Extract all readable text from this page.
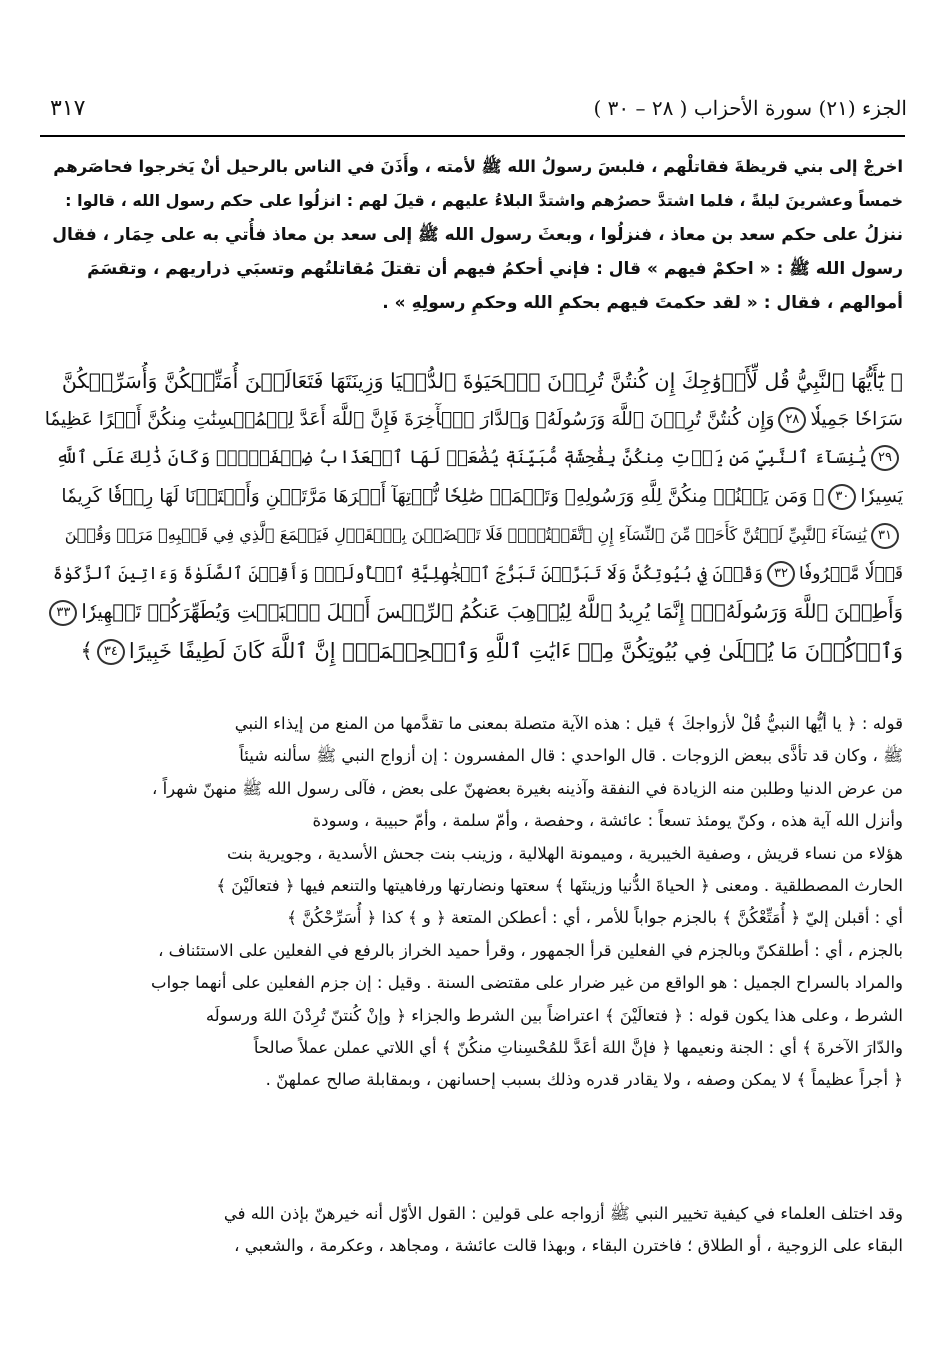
٣١٧	الجزء (٢١) سورة الأحزاب ( ٢٨ – ٣٠ )
اخرجْ إلى بني قريظةَ فقاتلْهم ، فلبسَ رسولُ الله ﷺ لأمته ، وأَذَنَ في الناس بالرحيل أنْ يَخرجوا فحاصَرهم
خمساً وعشرينَ ليلةً ، فلما اشتدَّ حصرُهم واشتدَّ البلاءُ عليهم ، قيلَ لهم : انزلُوا على حكم رسول الله ، قالوا :
ننزلُ على حكم سعد بن معاذ ، فنزلُوا ، وبعثَ رسول الله ﷺ إلى سعد بن معاذ فأُتي به على حِمَار ، فقال
رسول الله ﷺ : « احكمْ فيهم » قال : فإني أحكمُ فيهم أن تقتلَ مُقاتلتُهم وتسبَي ذراريهم ، وتقسَمَ
أموالهم ، فقال : « لقد حكمتَ فيهم بحكمِ الله وحكمِ رسولِهِ » .
﴿ يَٰٓأَيُّهَا ٱلنَّبِيُّ قُل لِّأَزۡوَٰجِكَ إِن كُنتُنَّ تُرِدۡنَ ٱلۡحَيَوٰةَ ٱلدُّنۡيَا وَزِينَتَهَا فَتَعَالَيۡنَ أُمَتِّعۡكُنَّ وَأُسَرِّحۡكُنَّ
سَرَاحٗا جَمِيلٗا٢٨وَإِن كُنتُنَّ تُرِدۡنَ ٱللَّهَ وَرَسُولَهُۥ وَٱلدَّارَ ٱلۡأٓخِرَةَ فَإِنَّ ٱللَّهَ أَعَدَّ لِلۡمُحۡسِنَٰتِ مِنكُنَّ أَجۡرًا عَظِيمٗا
٢٩يَٰنِسَآءَ ٱلنَّبِيِّ مَن يَأۡتِ مِنكُنَّ بِفَٰحِشَةٖ مُّبَيِّنَةٖ يُضَٰعَفۡ لَهَا ٱلۡعَذَابُ ضِعۡفَيۡنِۚ وَكَانَ ذَٰلِكَ عَلَى ٱللَّهِ
يَسِيرٗا٣٠۞ وَمَن يَقۡنُتۡ مِنكُنَّ لِلَّهِ وَرَسُولِهِۦ وَتَعۡمَلۡ صَٰلِحٗا نُّؤۡتِهَآ أَجۡرَهَا مَرَّتَيۡنِ وَأَعۡتَدۡنَا لَهَا رِزۡقٗا كَرِيمٗا
٣١يَٰنِسَآءَ ٱلنَّبِيِّ لَسۡتُنَّ كَأَحَدٖ مِّنَ ٱلنِّسَآءِ إِنِ ٱتَّقَيۡتُنَّۚ فَلَا تَخۡضَعۡنَ بِٱلۡقَوۡلِ فَيَطۡمَعَ ٱلَّذِي فِي قَلۡبِهِۦ مَرَضٞ وَقُلۡنَ
قَوۡلٗا مَّعۡرُوفٗا٣٢وَقَرۡنَ فِي بُيُوتِكُنَّ وَلَا تَبَرَّجۡنَ تَبَرُّجَ ٱلۡجَٰهِلِيَّةِ ٱلۡأُولَىٰۖ وَأَقِمۡنَ ٱلصَّلَوٰةَ وَءَاتِينَ ٱلزَّكَوٰةَ
وَأَطِعۡنَ ٱللَّهَ وَرَسُولَهُۥٓۚ إِنَّمَا يُرِيدُ ٱللَّهُ لِيُذۡهِبَ عَنكُمُ ٱلرِّجۡسَ أَهۡلَ ٱلۡبَيۡتِ وَيُطَهِّرَكُمۡ تَطۡهِيرٗا٣٣
وَٱذۡكُرۡنَ مَا يُتۡلَىٰ فِي بُيُوتِكُنَّ مِنۡ ءَايَٰتِ ٱللَّهِ وَٱلۡحِكۡمَةِۚ إِنَّ ٱللَّهَ كَانَ لَطِيفًا خَبِيرًا٣٤﴾
قوله : ﴿ يا أيُّها النبيُّ قُلْ لأزواجكَ ﴾ قيل : هذه الآية متصلة بمعنى ما تقدَّمها من المنع من إيذاء النبي
ﷺ ، وكان قد تأذَّى ببعض الزوجات . قال الواحدي : قال المفسرون : إن أزواج النبي ﷺ سألنه شيئاً
من عرض الدنيا وطلبن منه الزيادة في النفقة وآذينه بغيرة بعضهنّ على بعض ، فآلى رسول الله ﷺ منهنّ شهراً ،
وأنزل الله آية هذه ، وكنّ يومئذ تسعاً : عائشة ، وحفصة ، وأمّ سلمة ، وأمّ حبيبة ، وسودة
هؤلاء من نساء قريش ، وصفية الخيبرية ، وميمونة الهلالية ، وزينب بنت جحش الأسدية ، وجويرية بنت
الحارث المصطلقية . ومعنى ﴿ الحياةَ الدُّنيا وزينتَها ﴾ سعتها ونضارتها ورفاهيتها والتنعم فيها ﴿ فتعالَيْنَ ﴾
أي : أقبلن إليّ ﴿ أُمَتِّعْكُنَّ ﴾ بالجزم جواباً للأمر ، أي : أعطكن المتعة ﴿ و ﴾ كذا ﴿ أُسَرِّحْكُنَّ ﴾
بالجزم ، أي : أطلقكنّ وبالجزم في الفعلين قرأ الجمهور ، وقرأ حميد الخراز بالرفع في الفعلين على الاستئناف ،
والمراد بالسراح الجميل : هو الواقع من غير ضرار على مقتضى السنة . وقيل : إن جزم الفعلين على أنهما جواب
الشرط ، وعلى هذا يكون قوله : ﴿ فتعالَيْنَ ﴾ اعتراضاً بين الشرط والجزاء ﴿ وإنْ كُنتنّ تُرِدْنَ اللهَ ورسولَه
والدّارَ الآخرةَ ﴾ أي : الجنة ونعيمها ﴿ فإنَّ اللهَ أعَدَّ للمُحْسِناتِ منكُنّ ﴾ أي اللاتي عملن عملاً صالحاً
﴿ أجراً عظيماً ﴾ لا يمكن وصفه ، ولا يقادر قدره وذلك بسبب إحسانهن ، وبمقابلة صالح عملهنّ .
وقد اختلف العلماء في كيفية تخيير النبي ﷺ أزواجه على قولين : القول الأوّل أنه خيرهنّ بإذن الله في
البقاء على الزوجية ، أو الطلاق ؛ فاخترن البقاء ، وبهذا قالت عائشة ، ومجاهد ، وعكرمة ، والشعبي ،
